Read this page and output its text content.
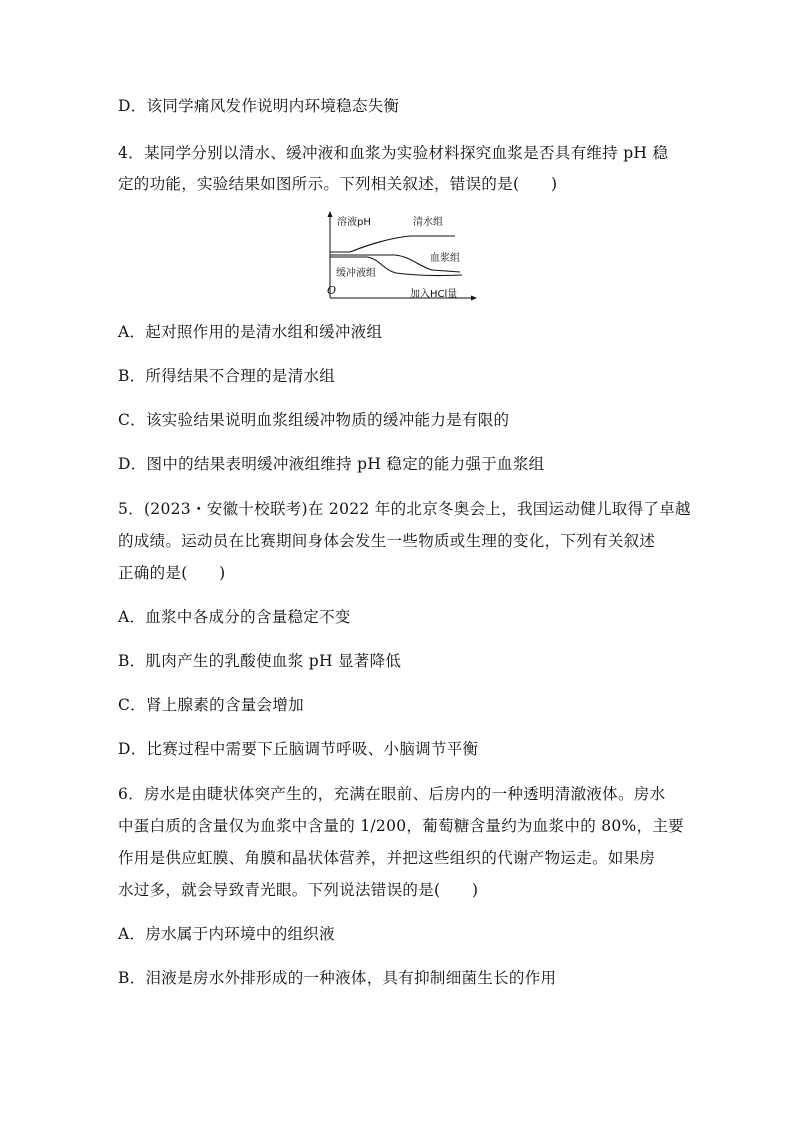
D．该同学痛风发作说明内环境稳态失衡
4．某同学分别以清水、缓冲液和血浆为实验材料探究血浆是否具有维持 pH 稳
定的功能，实验结果如图所示。下列相关叙述，错误的是(　　)
溶液pH	清水组
血浆组
缓冲液组
O	加入HCl量
A．起对照作用的是清水组和缓冲液组
B．所得结果不合理的是清水组
C．该实验结果说明血浆组缓冲物质的缓冲能力是有限的
D．图中的结果表明缓冲液组维持 pH 稳定的能力强于血浆组
5．(2023・安徽十校联考)在 2022 年的北京冬奥会上，我国运动健儿取得了卓越
的成绩。运动员在比赛期间身体会发生一些物质或生理的变化，下列有关叙述
正确的是(　　)
A．血浆中各成分的含量稳定不变
B．肌肉产生的乳酸使血浆 pH 显著降低
C．肾上腺素的含量会增加
D．比赛过程中需要下丘脑调节呼吸、小脑调节平衡
6．房水是由睫状体突产生的，充满在眼前、后房内的一种透明清澈液体。房水
中蛋白质的含量仅为血浆中含量的 1/200，葡萄糖含量约为血浆中的 80%，主要
作用是供应虹膜、角膜和晶状体营养，并把这些组织的代谢产物运走。如果房
水过多，就会导致青光眼。下列说法错误的是(　　)
A．房水属于内环境中的组织液
B．泪液是房水外排形成的一种液体，具有抑制细菌生长的作用
